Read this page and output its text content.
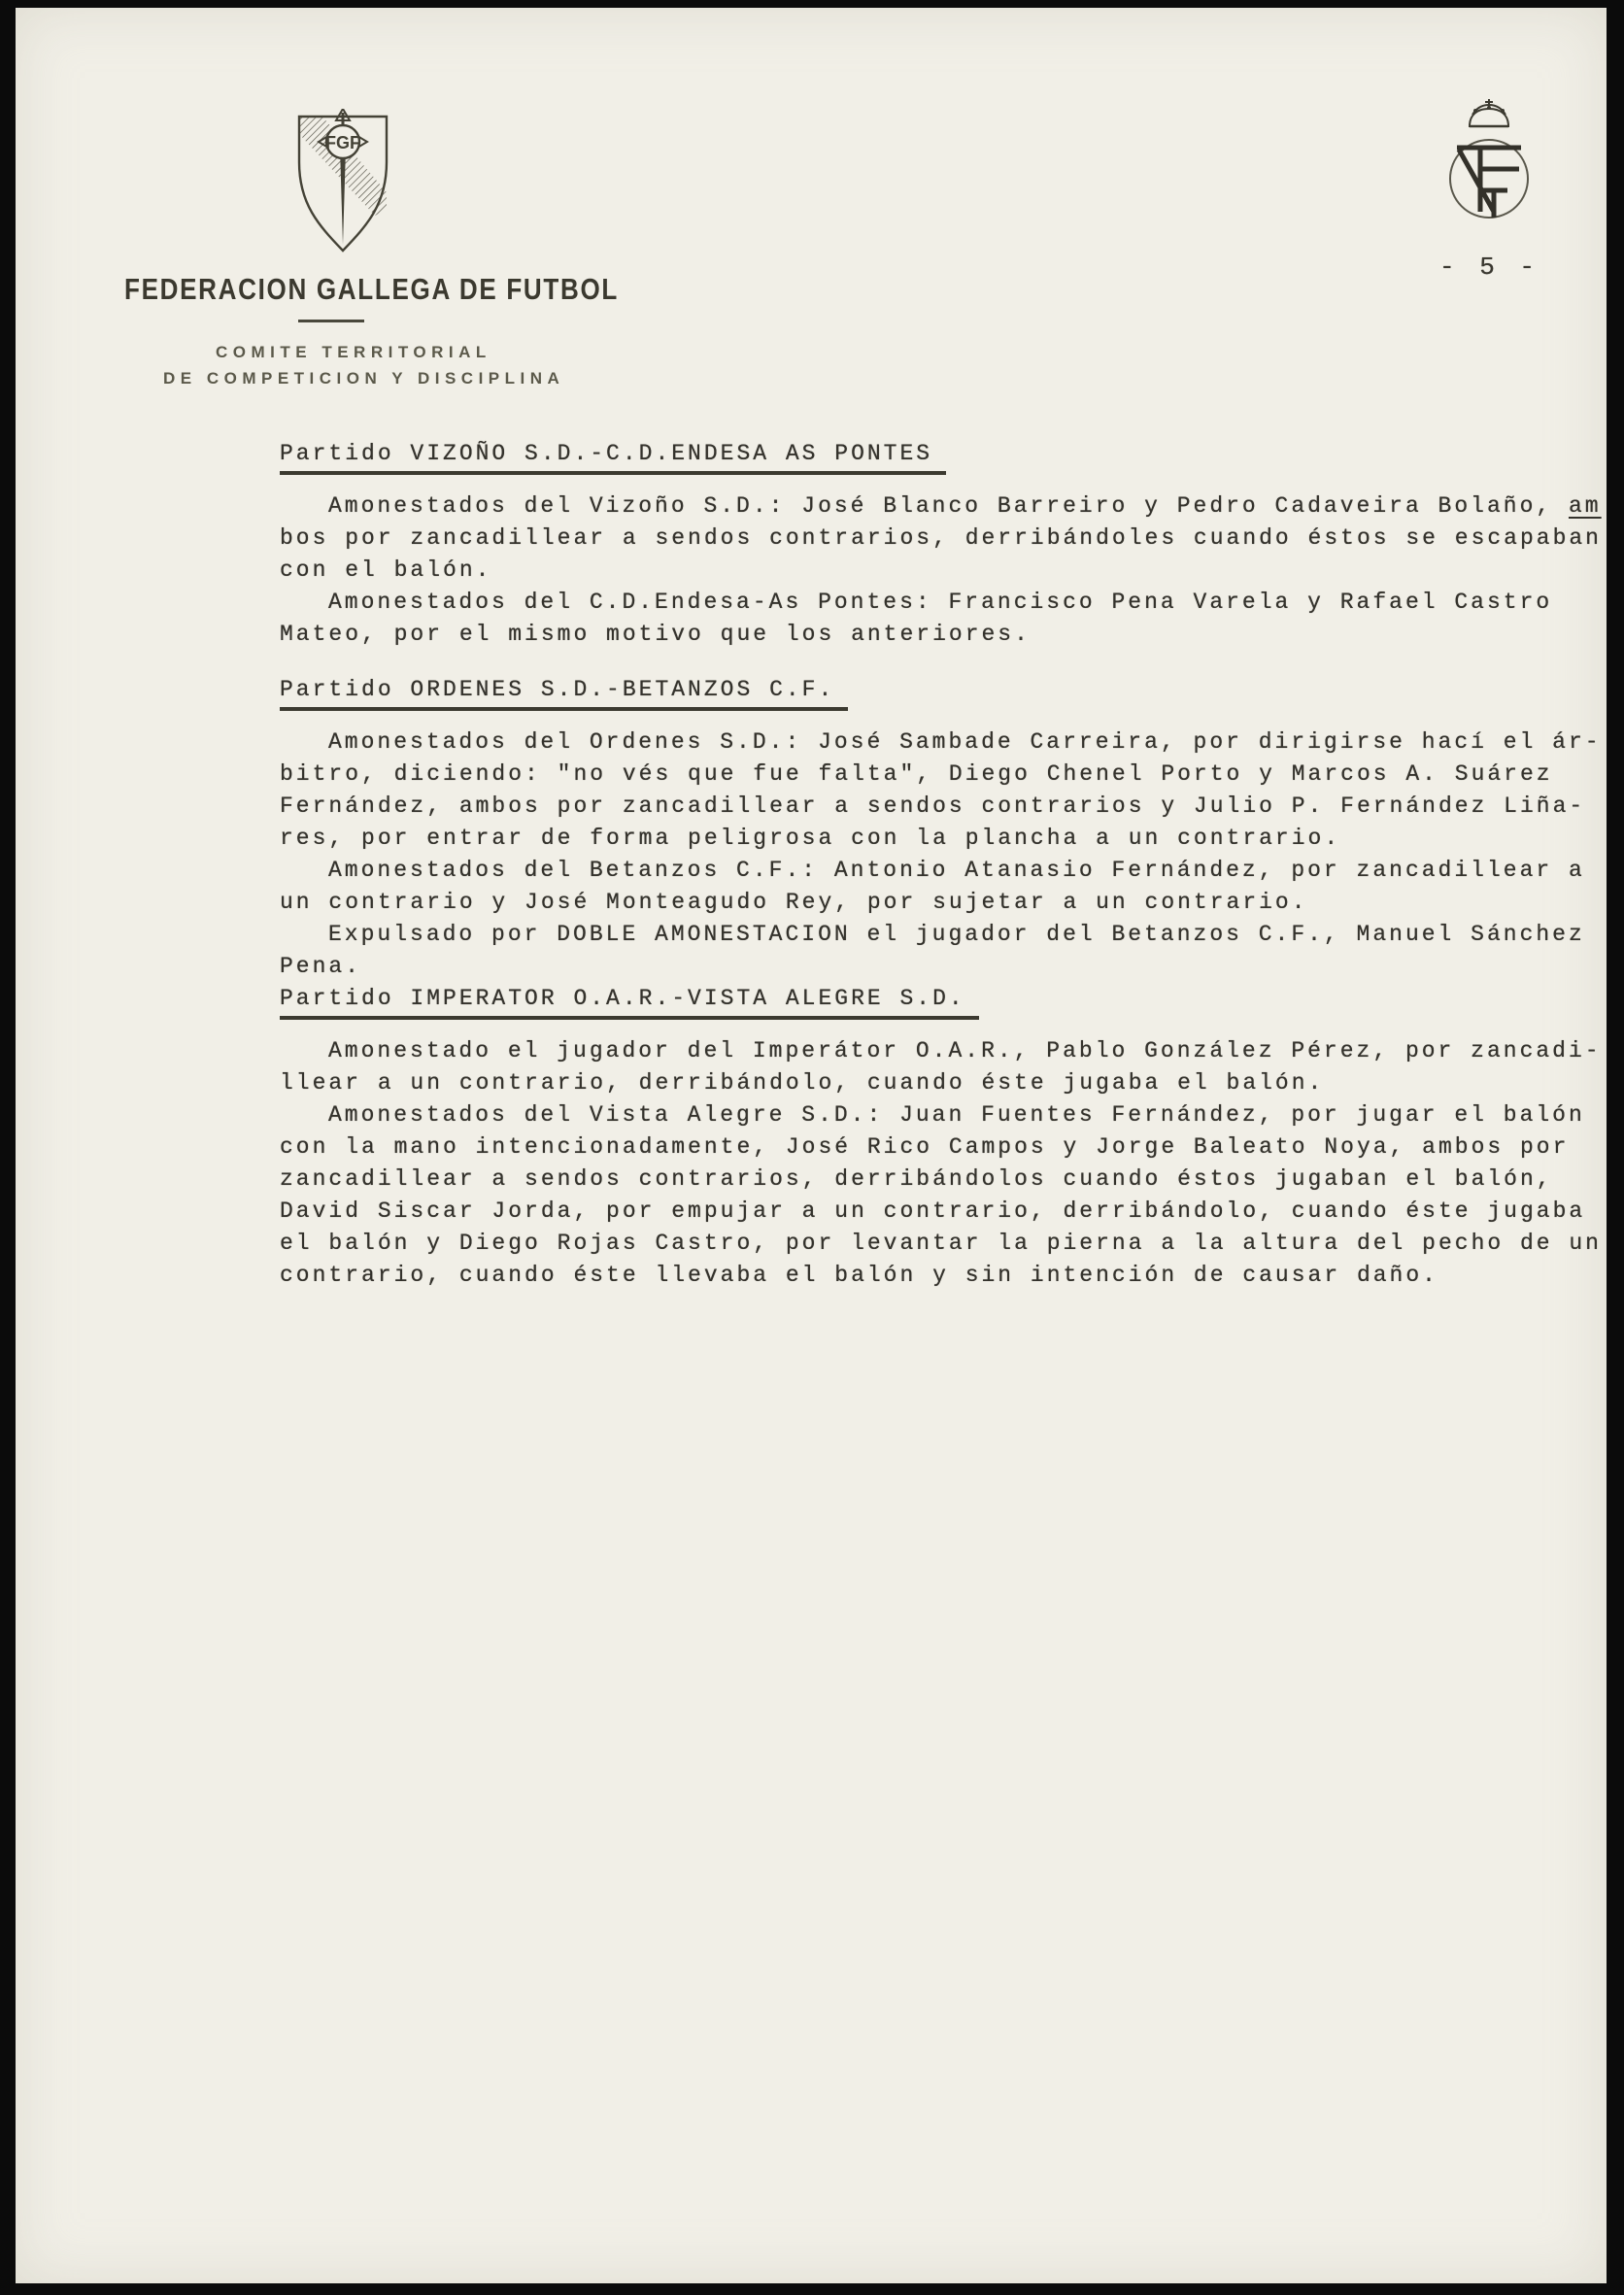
FGF
FEDERACION GALLEGA DE FUTBOL
COMITE TERRITORIAL
DE COMPETICION Y DISCIPLINA
- 5 -
Partido VIZOÑO S.D.-C.D.ENDESA AS PONTES
Amonestados del Vizoño S.D.: José Blanco Barreiro y Pedro Cadaveira Bolaño, am
bos por zancadillear a sendos contrarios, derribándoles cuando éstos se escapaban
con el balón.
Amonestados del C.D.Endesa-As Pontes: Francisco Pena Varela y Rafael Castro
Mateo, por el mismo motivo que los anteriores.
Partido ORDENES S.D.-BETANZOS C.F.
Amonestados del Ordenes S.D.: José Sambade Carreira, por dirigirse hací el ár-
bitro, diciendo: "no vés que fue falta", Diego Chenel Porto y Marcos A. Suárez
Fernández, ambos por zancadillear a sendos contrarios y Julio P. Fernández Liña-
res, por entrar de forma peligrosa con la plancha a un contrario.
Amonestados del Betanzos C.F.: Antonio Atanasio Fernández, por zancadillear a
un contrario y José Monteagudo Rey, por sujetar a un contrario.
Expulsado por DOBLE AMONESTACION el jugador del Betanzos C.F., Manuel Sánchez
Pena.
Partido IMPERATOR O.A.R.-VISTA ALEGRE S.D.
Amonestado el jugador del Imperátor O.A.R., Pablo González Pérez, por zancadi-
llear a un contrario, derribándolo, cuando éste jugaba el balón.
Amonestados del Vista Alegre S.D.: Juan Fuentes Fernández, por jugar el balón
con la mano intencionadamente, José Rico Campos y Jorge Baleato Noya, ambos por
zancadillear a sendos contrarios, derribándolos cuando éstos jugaban el balón,
David Siscar Jorda, por empujar a un contrario, derribándolo, cuando éste jugaba
el balón y Diego Rojas Castro, por levantar la pierna a la altura del pecho de un
contrario, cuando éste llevaba el balón y sin intención de causar daño.
